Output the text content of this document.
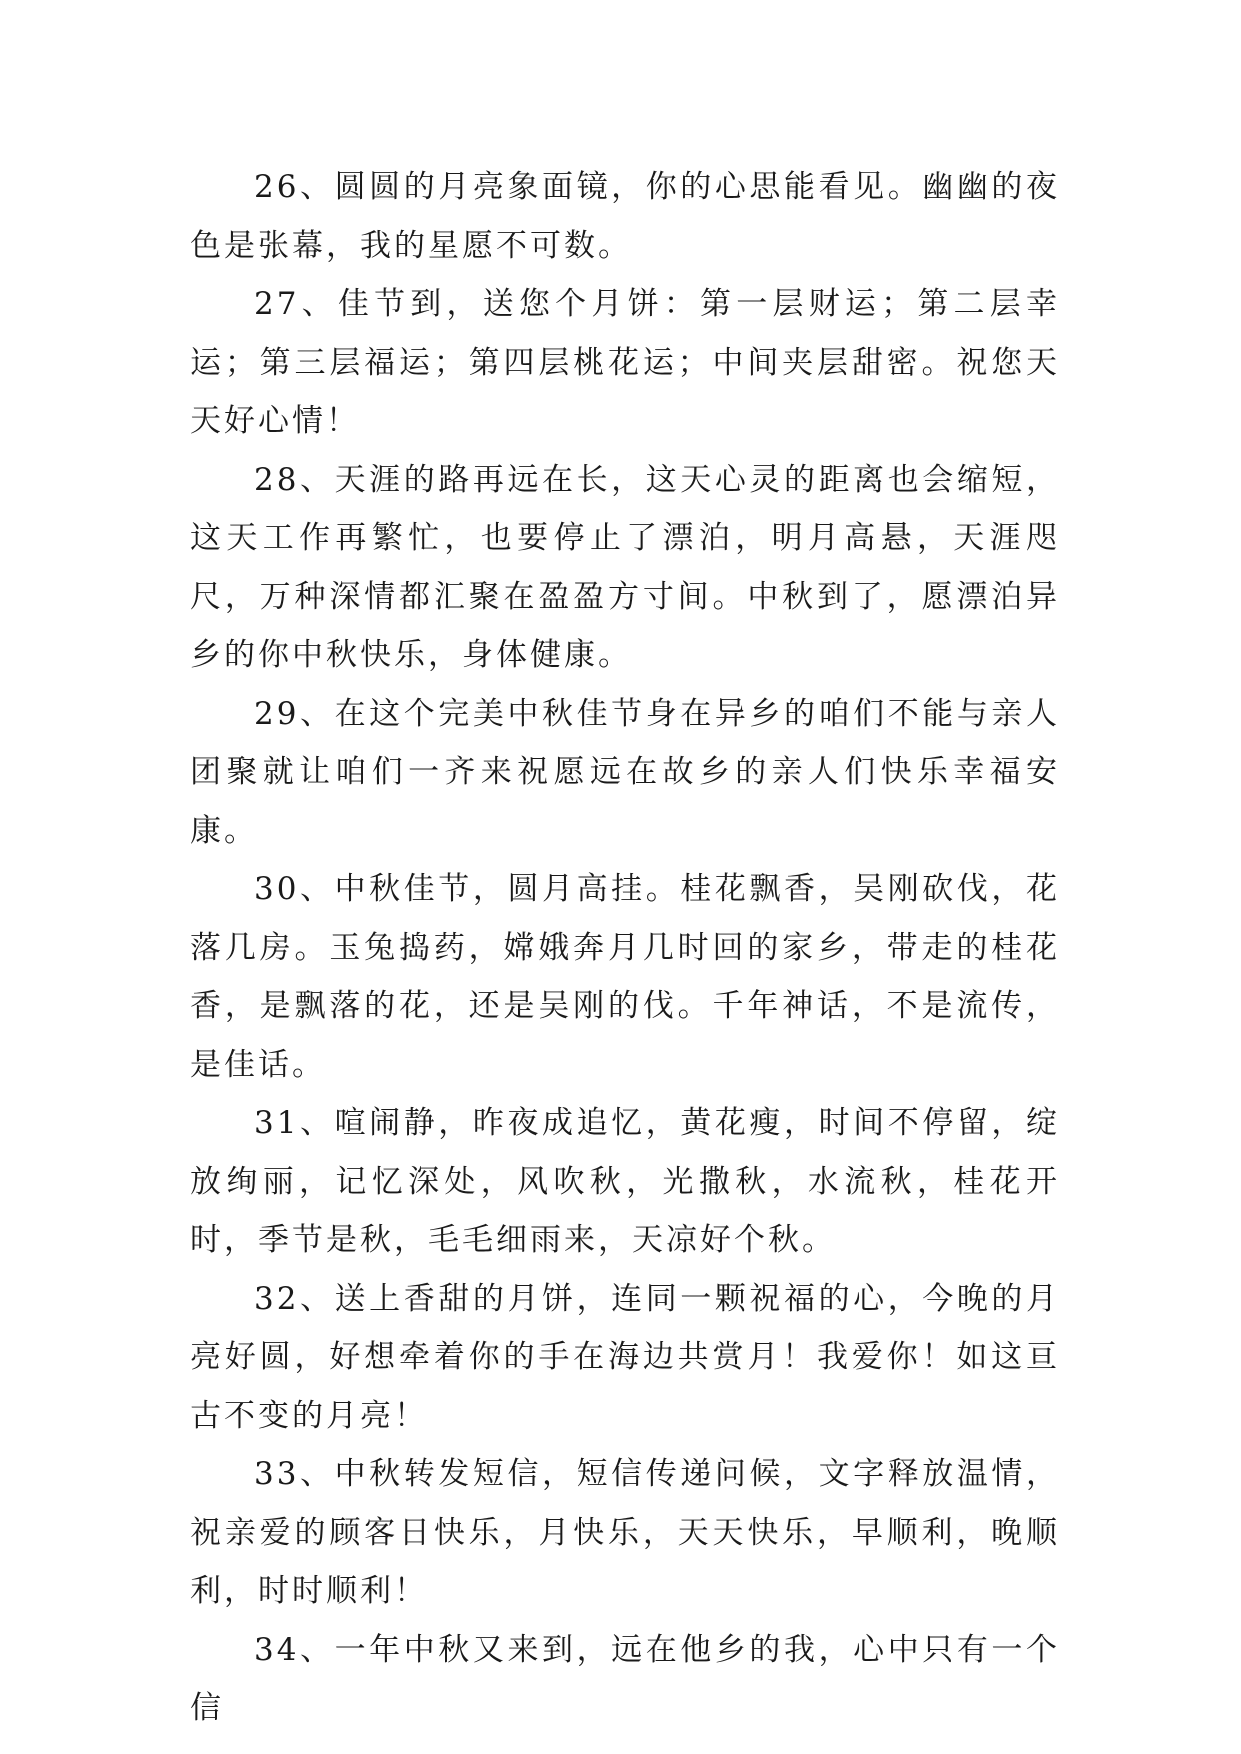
26、圆圆的月亮象面镜，你的心思能看见。幽幽的夜色是张幕，我的星愿不可数。

27、佳节到，送您个月饼：第一层财运；第二层幸运；第三层福运；第四层桃花运；中间夹层甜密。祝您天天好心情！

28、天涯的路再远在长，这天心灵的距离也会缩短，这天工作再繁忙，也要停止了漂泊，明月高悬，天涯咫尺，万种深情都汇聚在盈盈方寸间。中秋到了，愿漂泊异乡的你中秋快乐，身体健康。

29、在这个完美中秋佳节身在异乡的咱们不能与亲人团聚就让咱们一齐来祝愿远在故乡的亲人们快乐幸福安康。

30、中秋佳节，圆月高挂。桂花飘香，吴刚砍伐，花落几房。玉兔捣药，嫦娥奔月几时回的家乡，带走的桂花香，是飘落的花，还是吴刚的伐。千年神话，不是流传，是佳话。

31、喧闹静，昨夜成追忆，黄花瘦，时间不停留，绽放绚丽，记忆深处，风吹秋，光撒秋，水流秋，桂花开时，季节是秋，毛毛细雨来，天凉好个秋。

32、送上香甜的月饼，连同一颗祝福的心，今晚的月亮好圆，好想牵着你的手在海边共赏月！我爱你！如这亘古不变的月亮！

33、中秋转发短信，短信传递问候，文字释放温情，祝亲爱的顾客日快乐，月快乐，天天快乐，早顺利，晚顺利，时时顺利！

34、一年中秋又来到，远在他乡的我，心中只有一个信
